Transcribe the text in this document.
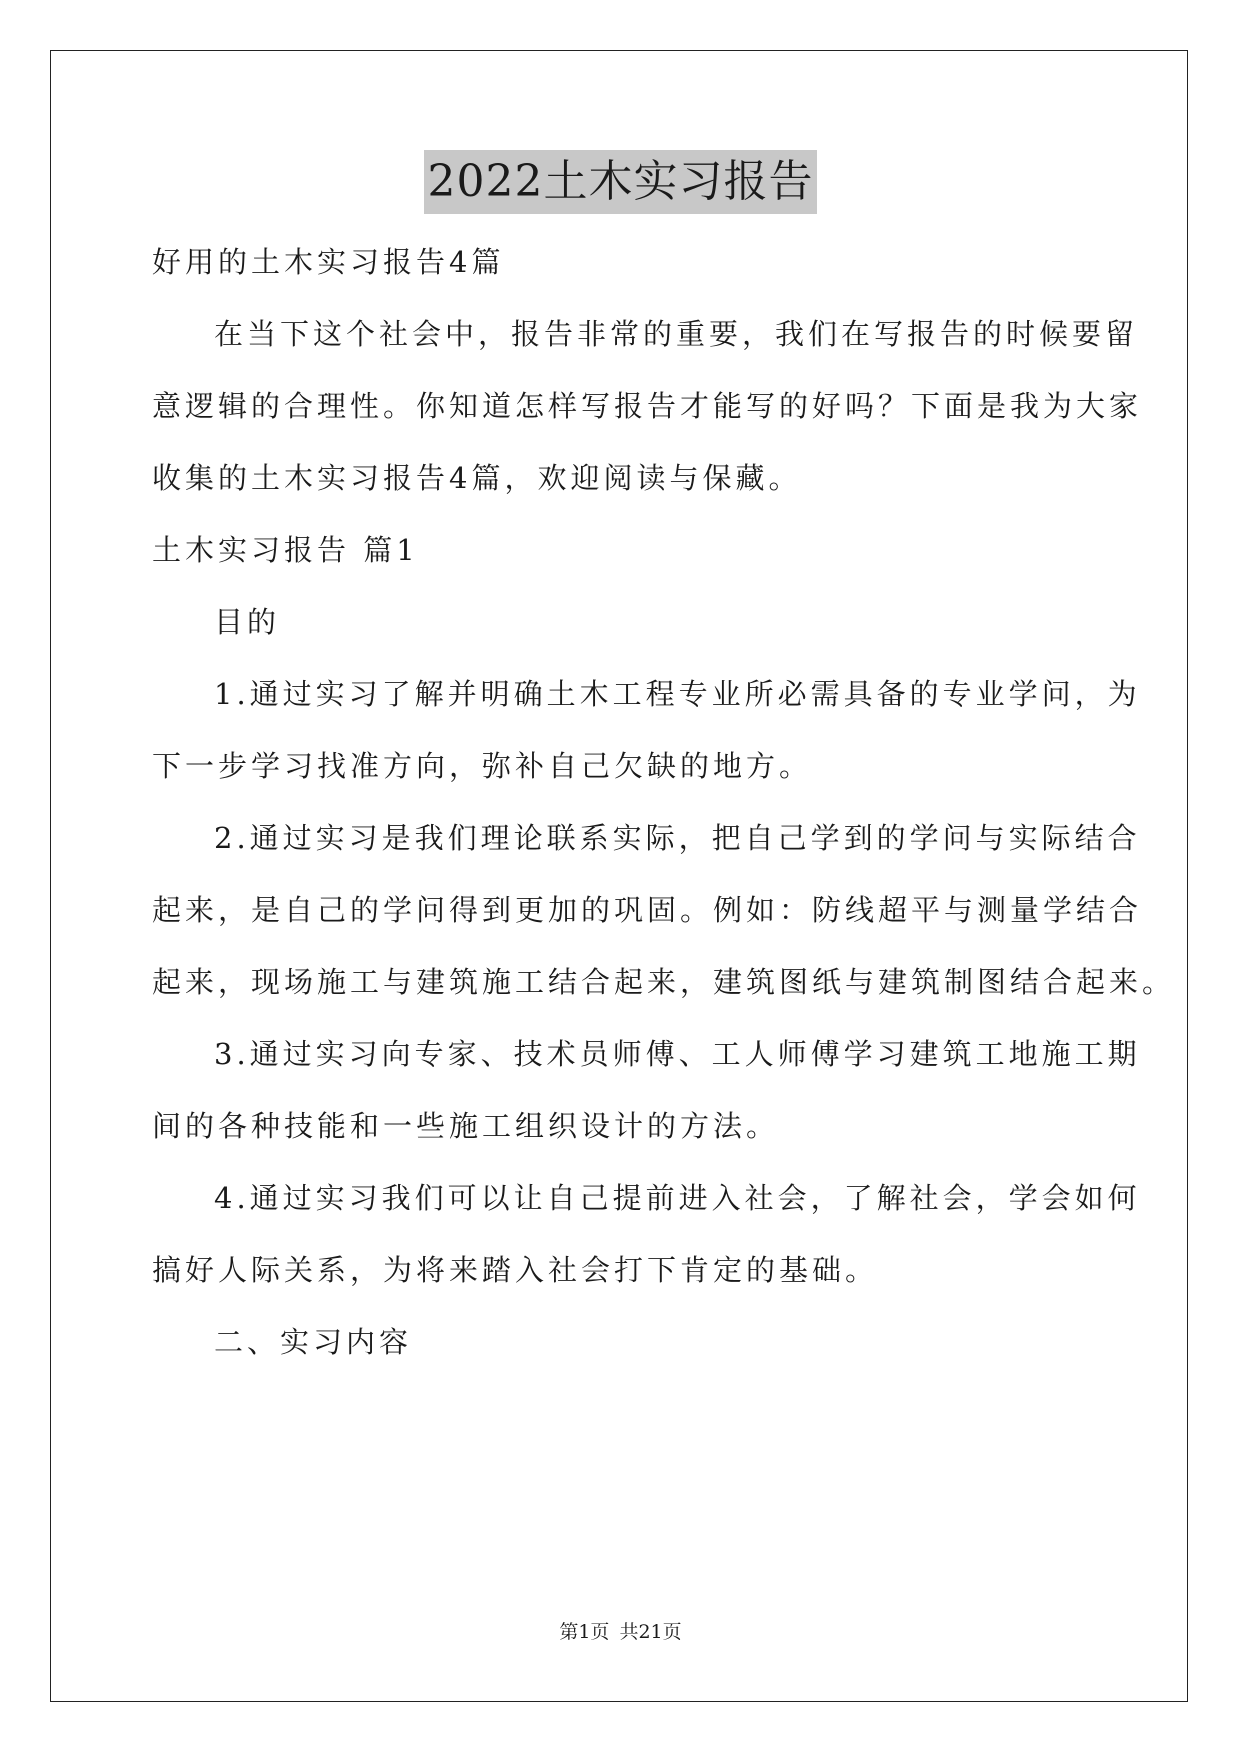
2022土木实习报告
好用的土木实习报告4篇
在当下这个社会中，报告非常的重要，我们在写报告的时候要留
意逻辑的合理性。你知道怎样写报告才能写的好吗？下面是我为大家
收集的土木实习报告4篇，欢迎阅读与保藏。
土木实习报告 篇1
目的
1.通过实习了解并明确土木工程专业所必需具备的专业学问，为
下一步学习找准方向，弥补自己欠缺的地方。
2.通过实习是我们理论联系实际，把自己学到的学问与实际结合
起来，是自己的学问得到更加的巩固。例如：防线超平与测量学结合
起来，现场施工与建筑施工结合起来，建筑图纸与建筑制图结合起来。
3.通过实习向专家、技术员师傅、工人师傅学习建筑工地施工期
间的各种技能和一些施工组织设计的方法。
4.通过实习我们可以让自己提前进入社会，了解社会，学会如何
搞好人际关系，为将来踏入社会打下肯定的基础。
二、实习内容
第1页 共21页
